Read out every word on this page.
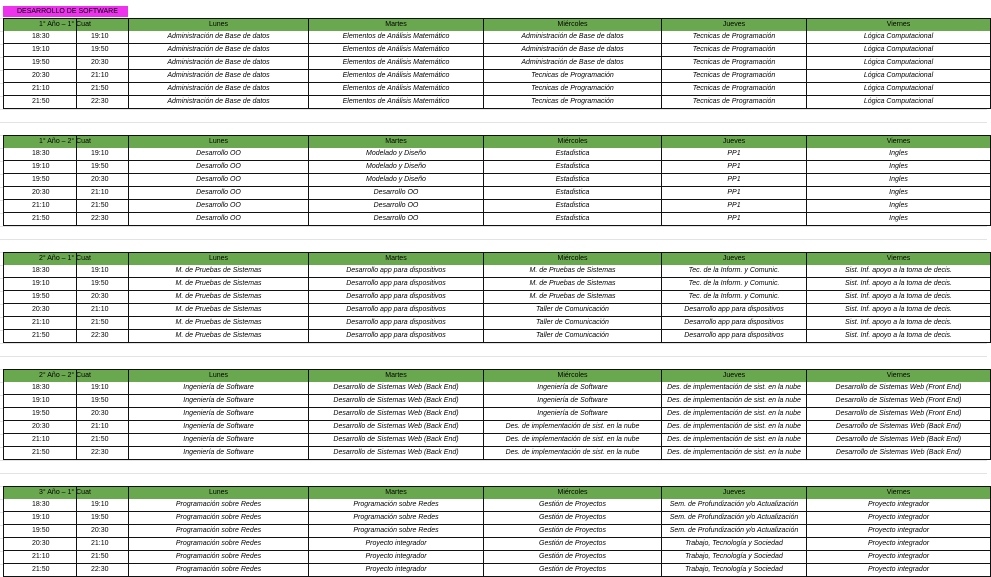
DESARROLLO DE SOFTWARE
1° Año – 1° Cuat	Lunes	Martes	Miércoles	Jueves	Viernes
18:30	19:10	Administración de Base de datos	Elementos de Análisis Matemático	Administración de Base de datos	Tecnicas de Programación	Lógica Computacional
19:10	19:50	Administración de Base de datos	Elementos de Análisis Matemático	Administración de Base de datos	Tecnicas de Programación	Lógica Computacional
19:50	20:30	Administración de Base de datos	Elementos de Análisis Matemático	Administración de Base de datos	Tecnicas de Programación	Lógica Computacional
20:30	21:10	Administración de Base de datos	Elementos de Análisis Matemático	Tecnicas de Programación	Tecnicas de Programación	Lógica Computacional
21:10	21:50	Administración de Base de datos	Elementos de Análisis Matemático	Tecnicas de Programación	Tecnicas de Programación	Lógica Computacional
21:50	22:30	Administración de Base de datos	Elementos de Análisis Matemático	Tecnicas de Programación	Tecnicas de Programación	Lógica Computacional
1° Año – 2° Cuat	Lunes	Martes	Miércoles	Jueves	Viernes
18:30	19:10	Desarrollo OO	Modelado y Diseño	Estadistica	PP1	Ingles
19:10	19:50	Desarrollo OO	Modelado y Diseño	Estadistica	PP1	Ingles
19:50	20:30	Desarrollo OO	Modelado y Diseño	Estadistica	PP1	Ingles
20:30	21:10	Desarrollo OO	Desarrollo OO	Estadistica	PP1	Ingles
21:10	21:50	Desarrollo OO	Desarrollo OO	Estadistica	PP1	Ingles
21:50	22:30	Desarrollo OO	Desarrollo OO	Estadistica	PP1	Ingles
2° Año – 1° Cuat	Lunes	Martes	Miércoles	Jueves	Viernes
18:30	19:10	M. de Pruebas de Sistemas	Desarrollo app para dispositivos	M. de Pruebas de Sistemas	Tec. de la Inform. y Comunic.	Sist. Inf. apoyo a la toma de decis.
19:10	19:50	M. de Pruebas de Sistemas	Desarrollo app para dispositivos	M. de Pruebas de Sistemas	Tec. de la Inform. y Comunic.	Sist. Inf. apoyo a la toma de decis.
19:50	20:30	M. de Pruebas de Sistemas	Desarrollo app para dispositivos	M. de Pruebas de Sistemas	Tec. de la Inform. y Comunic.	Sist. Inf. apoyo a la toma de decis.
20:30	21:10	M. de Pruebas de Sistemas	Desarrollo app para dispositivos	Taller de Comunicación	Desarrollo app para dispositivos	Sist. Inf. apoyo a la toma de decis.
21:10	21:50	M. de Pruebas de Sistemas	Desarrollo app para dispositivos	Taller de Comunicación	Desarrollo app para dispositivos	Sist. Inf. apoyo a la toma de decis.
21:50	22:30	M. de Pruebas de Sistemas	Desarrollo app para dispositivos	Taller de Comunicación	Desarrollo app para dispositivos	Sist. Inf. apoyo a la toma de decis.
2° Año – 2° Cuat	Lunes	Martes	Miércoles	Jueves	Viernes
18:30	19:10	Ingeniería de Software	Desarrollo de Sistemas Web (Back End)	Ingeniería de Software	Des. de implementación de sist. en la nube	Desarrollo de Sistemas Web (Front End)
19:10	19:50	Ingeniería de Software	Desarrollo de Sistemas Web (Back End)	Ingeniería de Software	Des. de implementación de sist. en la nube	Desarrollo de Sistemas Web (Front End)
19:50	20:30	Ingeniería de Software	Desarrollo de Sistemas Web (Back End)	Ingeniería de Software	Des. de implementación de sist. en la nube	Desarrollo de Sistemas Web (Front End)
20:30	21:10	Ingeniería de Software	Desarrollo de Sistemas Web (Back End)	Des. de implementación de sist. en la nube	Des. de implementación de sist. en la nube	Desarrollo de Sistemas Web (Back End)
21:10	21:50	Ingeniería de Software	Desarrollo de Sistemas Web (Back End)	Des. de implementación de sist. en la nube	Des. de implementación de sist. en la nube	Desarrollo de Sistemas Web (Back End)
21:50	22:30	Ingeniería de Software	Desarrollo de Sistemas Web (Back End)	Des. de implementación de sist. en la nube	Des. de implementación de sist. en la nube	Desarrollo de Sistemas Web (Back End)
3° Año – 1° Cuat	Lunes	Martes	Miércoles	Jueves	Viernes
18:30	19:10	Programación sobre Redes	Programación sobre Redes	Gestión de Proyectos	Sem. de Profundización y/o Actualización	Proyecto integrador
19:10	19:50	Programación sobre Redes	Programación sobre Redes	Gestión de Proyectos	Sem. de Profundización y/o Actualización	Proyecto integrador
19:50	20:30	Programación sobre Redes	Programación sobre Redes	Gestión de Proyectos	Sem. de Profundización y/o Actualización	Proyecto integrador
20:30	21:10	Programación sobre Redes	Proyecto integrador	Gestión de Proyectos	Trabajo, Tecnología y Sociedad	Proyecto integrador
21:10	21:50	Programación sobre Redes	Proyecto integrador	Gestión de Proyectos	Trabajo, Tecnología y Sociedad	Proyecto integrador
21:50	22:30	Programación sobre Redes	Proyecto integrador	Gestión de Proyectos	Trabajo, Tecnología y Sociedad	Proyecto integrador
